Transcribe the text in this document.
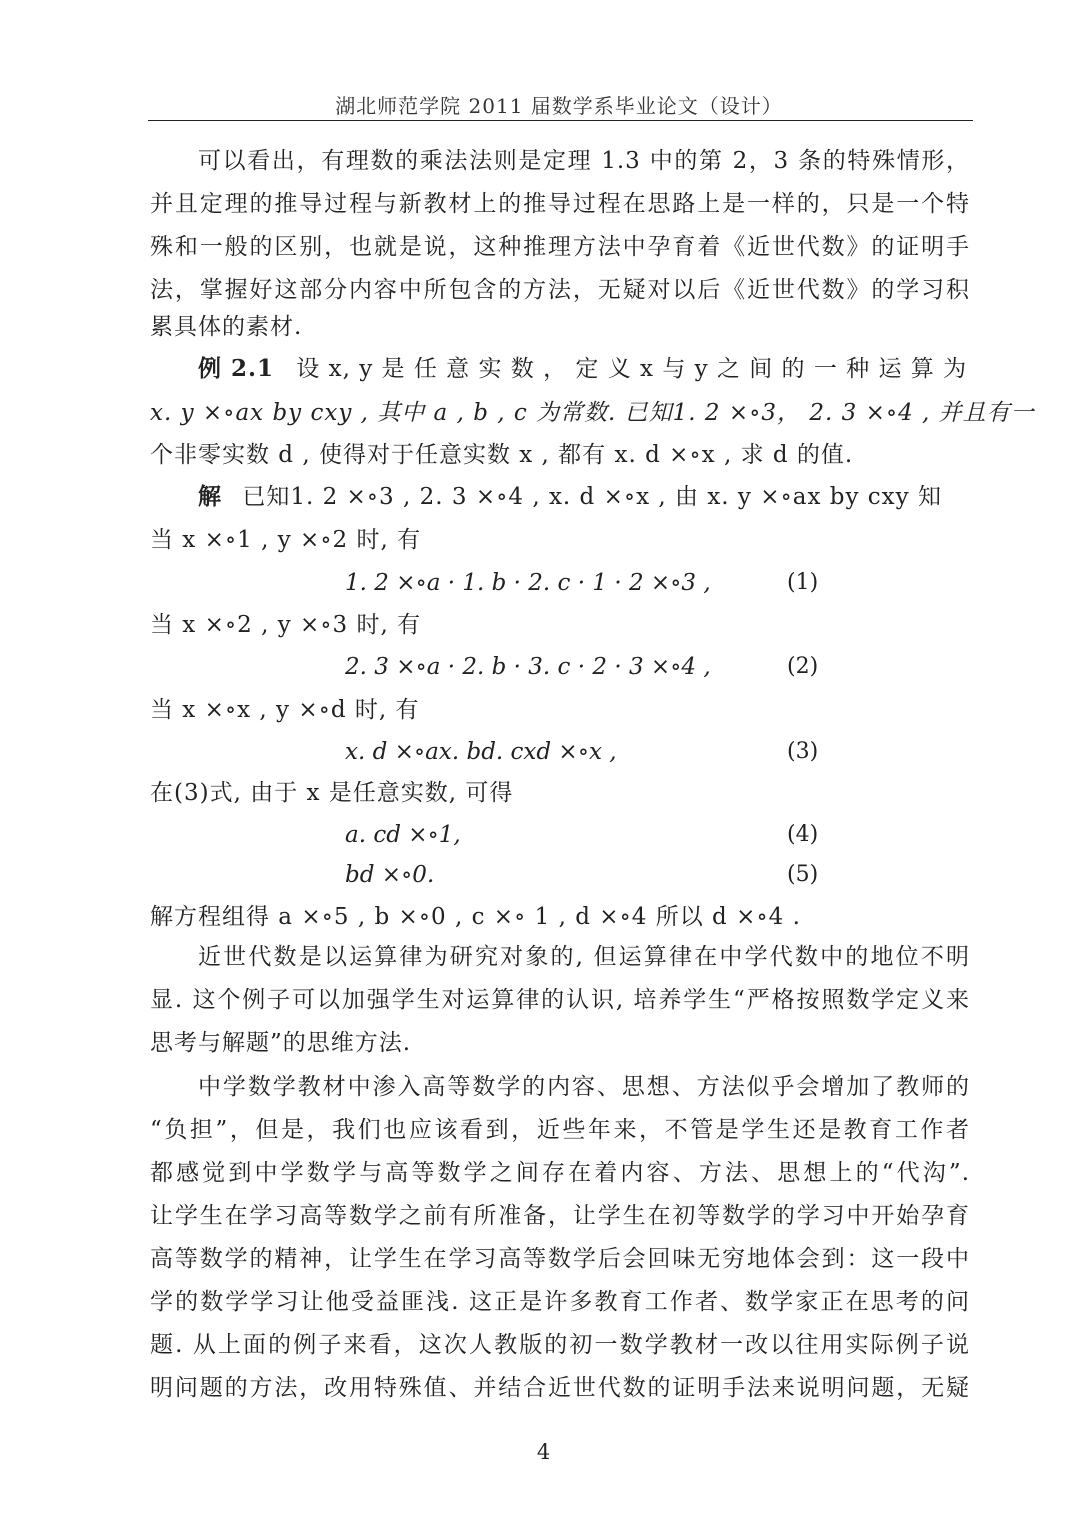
湖北师范学院 2011 届数学系毕业论文（设计）
可以看出，有理数的乘法法则是定理 1.3 中的第 2，3 条的特殊情形，
并且定理的推导过程与新教材上的推导过程在思路上是一样的，只是一个特
殊和一般的区别，也就是说，这种推理方法中孕育着《近世代数》的证明手
法，掌握好这部分内容中所包含的方法，无疑对以后《近世代数》的学习积
累具体的素材.
例 2.1 设 x, y 是 任 意 实 数 ， 定 义 x 与 y 之 间 的 一 种 运 算 为
x. y ×∘ax by cxy , 其中 a , b , c 为常数. 已知1. 2 ×∘3， 2. 3 ×∘4 , 并且有一
个非零实数 d , 使得对于任意实数 x , 都有 x. d ×∘x , 求 d 的值.
解 已知1. 2 ×∘3 , 2. 3 ×∘4 , x. d ×∘x , 由 x. y ×∘ax by cxy 知
当 x ×∘1 , y ×∘2 时, 有
1. 2 ×∘a · 1. b · 2. c · 1 · 2 ×∘3 ,	(1)
当 x ×∘2 , y ×∘3 时, 有
2. 3 ×∘a · 2. b · 3. c · 2 · 3 ×∘4 ,	(2)
当 x ×∘x , y ×∘d 时, 有
x. d ×∘ax. bd. cxd ×∘x ,	(3)
在(3)式, 由于 x 是任意实数, 可得
a. cd ×∘1,	(4)
bd ×∘0.	(5)
解方程组得 a ×∘5 , b ×∘0 , c ×∘ 1 , d ×∘4 所以 d ×∘4 .
近世代数是以运算律为研究对象的, 但运算律在中学代数中的地位不明
显. 这个例子可以加强学生对运算律的认识, 培养学生“严格按照数学定义来
思考与解题”的思维方法.
中学数学教材中渗入高等数学的内容、思想、方法似乎会增加了教师的
“负担”，但是，我们也应该看到，近些年来，不管是学生还是教育工作者
都感觉到中学数学与高等数学之间存在着内容、方法、思想上的“代沟”.
让学生在学习高等数学之前有所准备，让学生在初等数学的学习中开始孕育
高等数学的精神，让学生在学习高等数学后会回味无穷地体会到：这一段中
学的数学学习让他受益匪浅. 这正是许多教育工作者、数学家正在思考的问
题. 从上面的例子来看，这次人教版的初一数学教材一改以往用实际例子说
明问题的方法，改用特殊值、并结合近世代数的证明手法来说明问题，无疑
4
